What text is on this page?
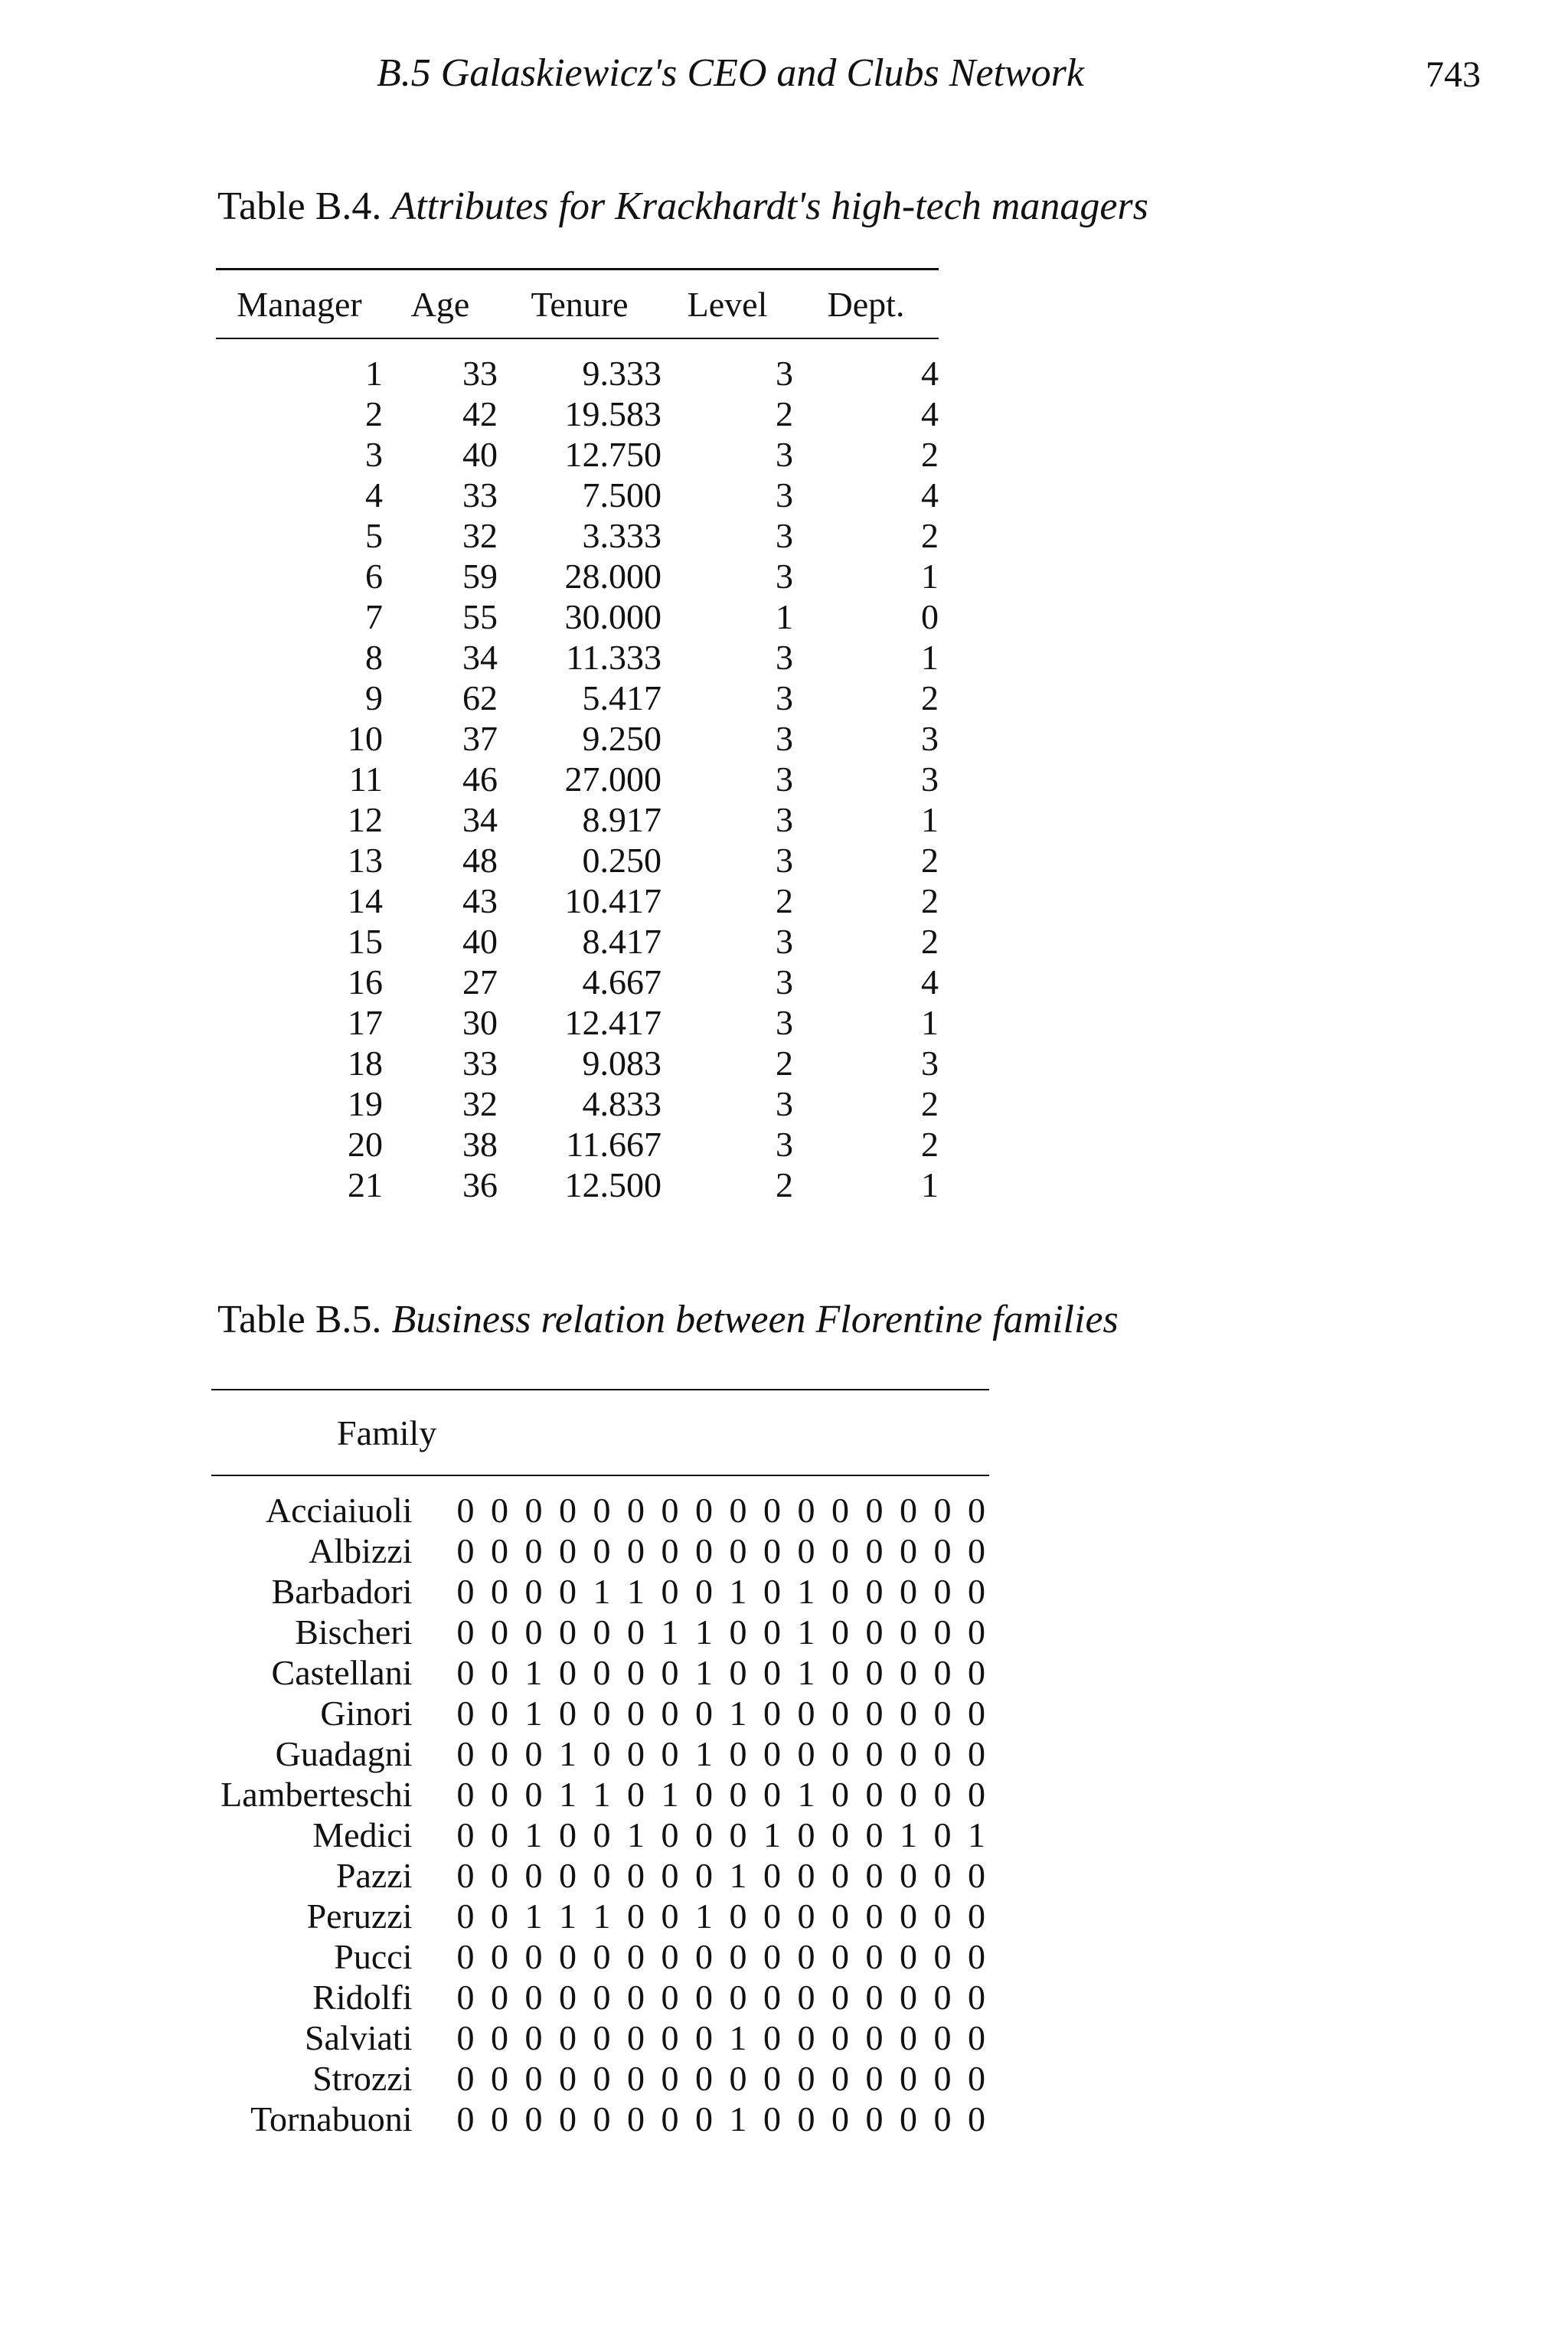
B.5 Galaskiewicz's CEO and Clubs Network	743
Table B.4. Attributes for Krackhardt's high-tech managers
Manager	Age	Tenure	Level	Dept.
1	33	9.333	3	4
2	42	19.583	2	4
3	40	12.750	3	2
4	33	7.500	3	4
5	32	3.333	3	2
6	59	28.000	3	1
7	55	30.000	1	0
8	34	11.333	3	1
9	62	5.417	3	2
10	37	9.250	3	3
11	46	27.000	3	3
12	34	8.917	3	1
13	48	0.250	3	2
14	43	10.417	2	2
15	40	8.417	3	2
16	27	4.667	3	4
17	30	12.417	3	1
18	33	9.083	2	3
19	32	4.833	3	2
20	38	11.667	3	2
21	36	12.500	2	1
Table B.5. Business relation between Florentine families
Family	
Acciaiuoli	0 0 0 0 0 0 0 0 0 0 0 0 0 0 0 0
Albizzi	0 0 0 0 0 0 0 0 0 0 0 0 0 0 0 0
Barbadori	0 0 0 0 1 1 0 0 1 0 1 0 0 0 0 0
Bischeri	0 0 0 0 0 0 1 1 0 0 1 0 0 0 0 0
Castellani	0 0 1 0 0 0 0 1 0 0 1 0 0 0 0 0
Ginori	0 0 1 0 0 0 0 0 1 0 0 0 0 0 0 0
Guadagni	0 0 0 1 0 0 0 1 0 0 0 0 0 0 0 0
Lamberteschi	0 0 0 1 1 0 1 0 0 0 1 0 0 0 0 0
Medici	0 0 1 0 0 1 0 0 0 1 0 0 0 1 0 1
Pazzi	0 0 0 0 0 0 0 0 1 0 0 0 0 0 0 0
Peruzzi	0 0 1 1 1 0 0 1 0 0 0 0 0 0 0 0
Pucci	0 0 0 0 0 0 0 0 0 0 0 0 0 0 0 0
Ridolfi	0 0 0 0 0 0 0 0 0 0 0 0 0 0 0 0
Salviati	0 0 0 0 0 0 0 0 1 0 0 0 0 0 0 0
Strozzi	0 0 0 0 0 0 0 0 0 0 0 0 0 0 0 0
Tornabuoni	0 0 0 0 0 0 0 0 1 0 0 0 0 0 0 0
